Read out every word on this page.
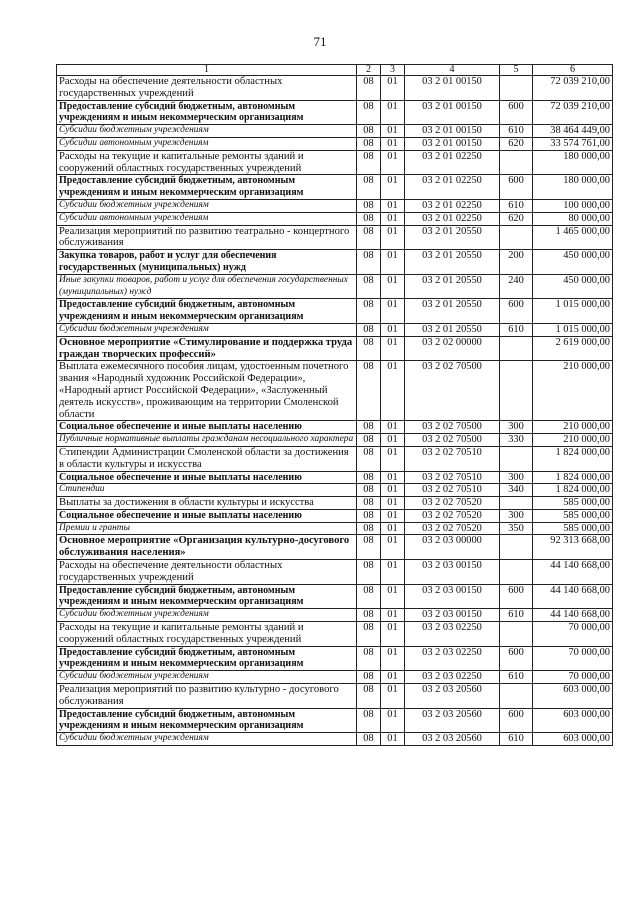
71
1	2	3	4	5	6
Расходы на обеспечение деятельности областных государственных учреждений	08	01	03 2 01 00150		72 039 210,00
Предоставление субсидий бюджетным, автономным учреждениям и иным некоммерческим организациям	08	01	03 2 01 00150	600	72 039 210,00
Субсидии бюджетным учреждениям	08	01	03 2 01 00150	610	38 464 449,00
Субсидии автономным учреждениям	08	01	03 2 01 00150	620	33 574 761,00
Расходы на текущие и капитальные ремонты зданий и сооружений областных государственных учреждений	08	01	03 2 01 02250		180 000,00
Предоставление субсидий бюджетным, автономным учреждениям и иным некоммерческим организациям	08	01	03 2 01 02250	600	180 000,00
Субсидии бюджетным учреждениям	08	01	03 2 01 02250	610	100 000,00
Субсидии автономным учреждениям	08	01	03 2 01 02250	620	80 000,00
Реализация мероприятий по развитию театрально - концертного обслуживания	08	01	03 2 01 20550		1 465 000,00
Закупка товаров, работ и услуг для обеспечения государственных (муниципальных) нужд	08	01	03 2 01 20550	200	450 000,00
Иные закупки товаров, работ и услуг для обеспечения государственных (муниципальных) нужд	08	01	03 2 01 20550	240	450 000,00
Предоставление субсидий бюджетным, автономным учреждениям и иным некоммерческим организациям	08	01	03 2 01 20550	600	1 015 000,00
Субсидии бюджетным учреждениям	08	01	03 2 01 20550	610	1 015 000,00
Основное мероприятие «Стимулирование и поддержка труда граждан творческих профессий»	08	01	03 2 02 00000		2 619 000,00
Выплата ежемесячного пособия лицам, удостоенным почетного звания «Народный художник Российской Федерации», «Народный артист Российской Федерации», «Заслуженный деятель искусств», проживающим на территории Смоленской области	08	01	03 2 02 70500		210 000,00
Социальное обеспечение и иные выплаты населению	08	01	03 2 02 70500	300	210 000,00
Публичные нормативные выплаты гражданам несоциального характера	08	01	03 2 02 70500	330	210 000,00
Стипендии Администрации Смоленской области за достижения в области культуры и искусства	08	01	03 2 02 70510		1 824 000,00
Социальное обеспечение и иные выплаты населению	08	01	03 2 02 70510	300	1 824 000,00
Стипендии	08	01	03 2 02 70510	340	1 824 000,00
Выплаты за достижения в области культуры и искусства	08	01	03 2 02 70520		585 000,00
Социальное обеспечение и иные выплаты населению	08	01	03 2 02 70520	300	585 000,00
Премии и гранты	08	01	03 2 02 70520	350	585 000,00
Основное мероприятие «Организация культурно-досугового обслуживания населения»	08	01	03 2 03 00000		92 313 668,00
Расходы на обеспечение деятельности областных государственных учреждений	08	01	03 2 03 00150		44 140 668,00
Предоставление субсидий бюджетным, автономным учреждениям и иным некоммерческим организациям	08	01	03 2 03 00150	600	44 140 668,00
Субсидии бюджетным учреждениям	08	01	03 2 03 00150	610	44 140 668,00
Расходы на текущие и капитальные ремонты зданий и сооружений областных государственных учреждений	08	01	03 2 03 02250		70 000,00
Предоставление субсидий бюджетным, автономным учреждениям и иным некоммерческим организациям	08	01	03 2 03 02250	600	70 000,00
Субсидии бюджетным учреждениям	08	01	03 2 03 02250	610	70 000,00
Реализация мероприятий по развитию культурно - досугового обслуживания	08	01	03 2 03 20560		603 000,00
Предоставление субсидий бюджетным, автономным учреждениям и иным некоммерческим организациям	08	01	03 2 03 20560	600	603 000,00
Субсидии бюджетным учреждениям	08	01	03 2 03 20560	610	603 000,00
